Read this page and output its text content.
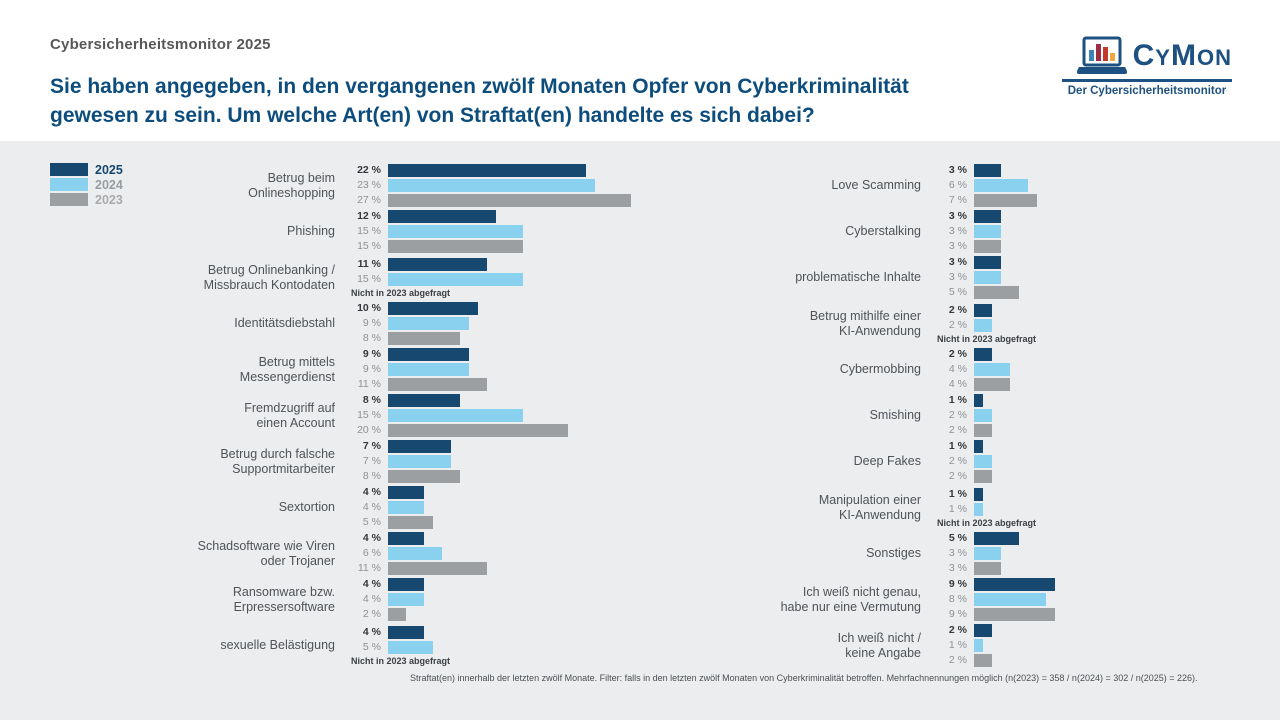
Cybersicherheitsmonitor 2025
Sie haben angegeben, in den vergangenen zwölf Monaten Opfer von Cyberkriminalität
gewesen zu sein. Um welche Art(en) von Straftat(en) handelte es sich dabei?
CYMON
Der Cybersicherheitsmonitor
2025
2024
2023
Betrug beim
Onlineshopping
22 %
23 %
27 %
Phishing
12 %
15 %
15 %
Betrug Onlinebanking /
Missbrauch Kontodaten
11 %
15 %
Nicht in 2023 abgefragt
Identitätsdiebstahl
10 %
9 %
8 %
Betrug mittels
Messengerdienst
9 %
9 %
11 %
Fremdzugriff auf
einen Account
8 %
15 %
20 %
Betrug durch falsche
Supportmitarbeiter
7 %
7 %
8 %
Sextortion
4 %
4 %
5 %
Schadsoftware wie Viren
oder Trojaner
4 %
6 %
11 %
Ransomware bzw.
Erpressersoftware
4 %
4 %
2 %
sexuelle Belästigung
4 %
5 %
Nicht in 2023 abgefragt
Love Scamming
3 %
6 %
7 %
Cyberstalking
3 %
3 %
3 %
problematische Inhalte
3 %
3 %
5 %
Betrug mithilfe einer
KI-Anwendung
2 %
2 %
Nicht in 2023 abgefragt
Cybermobbing
2 %
4 %
4 %
Smishing
1 %
2 %
2 %
Deep Fakes
1 %
2 %
2 %
Manipulation einer
KI-Anwendung
1 %
1 %
Nicht in 2023 abgefragt
Sonstiges
5 %
3 %
3 %
Ich weiß nicht genau,
habe nur eine Vermutung
9 %
8 %
9 %
Ich weiß nicht /
keine Angabe
2 %
1 %
2 %
Straftat(en) innerhalb der letzten zwölf Monate. Filter: falls in den letzten zwölf Monaten von Cyberkriminalität betroffen. Mehrfachnennungen möglich (n(2023) = 358 / n(2024) = 302 / n(2025) = 226).
